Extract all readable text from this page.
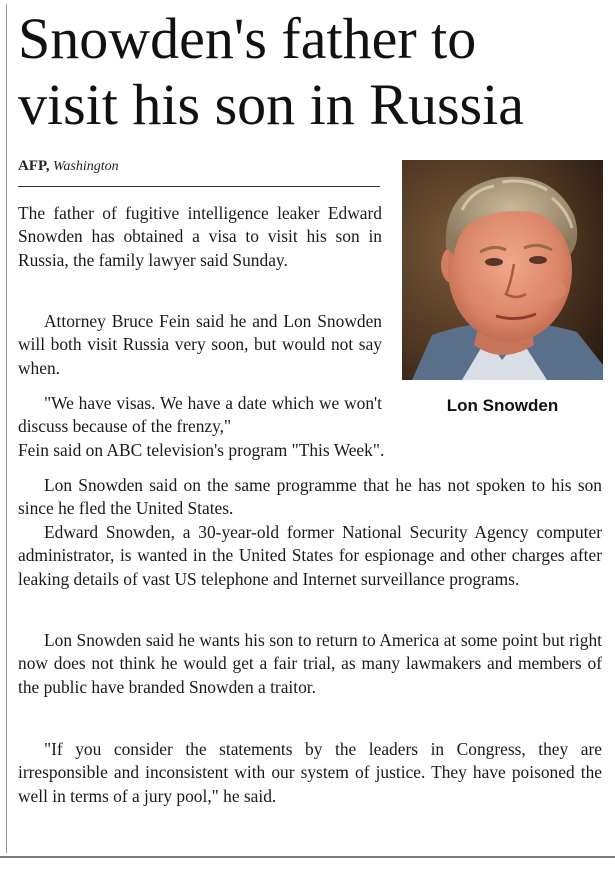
Snowden's father to
visit his son in Russia
AFP, Washington
Lon Snowden

The father of fugitive intelligence leaker Edward Snowden has obtained a visa to visit his son in Russia, the family lawyer said Sunday.

Attorney Bruce Fein said he and Lon Snowden will both visit Russia very soon, but would not say when.

"We have visas. We have a date which we won't discuss because of the frenzy,"

Fein said on ABC television's program "This Week".

Lon Snowden said on the same programme that he has not spoken to his son since he fled the United States.

Edward Snowden, a 30-year-old former National Security Agency computer administrator, is wanted in the United States for espionage and other charges after leaking details of vast US telephone and Internet surveillance programs.

Lon Snowden said he wants his son to return to America at some point but right now does not think he would get a fair trial, as many lawmakers and members of the public have branded Snowden a traitor.

"If you consider the statements by the leaders in Congress, they are irresponsible and inconsistent with our system of justice. They have poisoned the well in terms of a jury pool," he said.
